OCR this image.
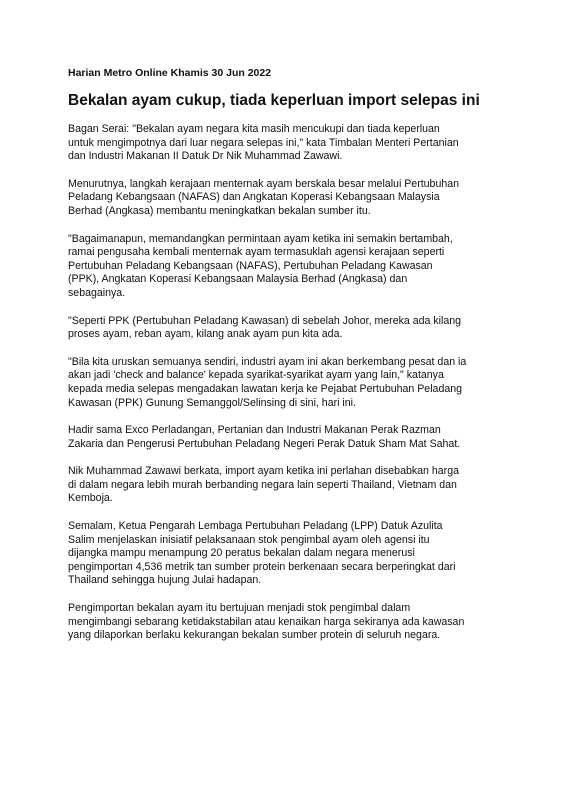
Harian Metro Online Khamis 30 Jun 2022
Bekalan ayam cukup, tiada keperluan import selepas ini

Bagan Serai: "Bekalan ayam negara kita masih mencukupi dan tiada keperluan
untuk mengimpotnya dari luar negara selepas ini," kata Timbalan Menteri Pertanian
dan Industri Makanan II Datuk Dr Nik Muhammad Zawawi.

Menurutnya, langkah kerajaan menternak ayam berskala besar melalui Pertubuhan
Peladang Kebangsaan (NAFAS) dan Angkatan Koperasi Kebangsaan Malaysia
Berhad (Angkasa) membantu meningkatkan bekalan sumber itu.

"Bagaimanapun, memandangkan permintaan ayam ketika ini semakin bertambah,
ramai pengusaha kembali menternak ayam termasuklah agensi kerajaan seperti
Pertubuhan Peladang Kebangsaan (NAFAS), Pertubuhan Peladang Kawasan
(PPK), Angkatan Koperasi Kebangsaan Malaysia Berhad (Angkasa) dan
sebagainya.

"Seperti PPK (Pertubuhan Peladang Kawasan) di sebelah Johor, mereka ada kilang
proses ayam, reban ayam, kilang anak ayam pun kita ada.

"Bila kita uruskan semuanya sendiri, industri ayam ini akan berkembang pesat dan ia
akan jadi 'check and balance' kepada syarikat-syarikat ayam yang lain," katanya
kepada media selepas mengadakan lawatan kerja ke Pejabat Pertubuhan Peladang
Kawasan (PPK) Gunung Semanggol/Selinsing di sini, hari ini.

Hadir sama Exco Perladangan, Pertanian dan Industri Makanan Perak Razman
Zakaria dan Pengerusi Pertubuhan Peladang Negeri Perak Datuk Sham Mat Sahat.

Nik Muhammad Zawawi berkata, import ayam ketika ini perlahan disebabkan harga
di dalam negara lebih murah berbanding negara lain seperti Thailand, Vietnam dan
Kemboja.

Semalam, Ketua Pengarah Lembaga Pertubuhan Peladang (LPP) Datuk Azulita
Salim menjelaskan inisiatif pelaksanaan stok pengimbal ayam oleh agensi itu
dijangka mampu menampung 20 peratus bekalan dalam negara menerusi
pengimportan 4,536 metrik tan sumber protein berkenaan secara berperingkat dari
Thailand sehingga hujung Julai hadapan.

Pengimportan bekalan ayam itu bertujuan menjadi stok pengimbal dalam
mengimbangi sebarang ketidakstabilan atau kenaikan harga sekiranya ada kawasan
yang dilaporkan berlaku kekurangan bekalan sumber protein di seluruh negara.
